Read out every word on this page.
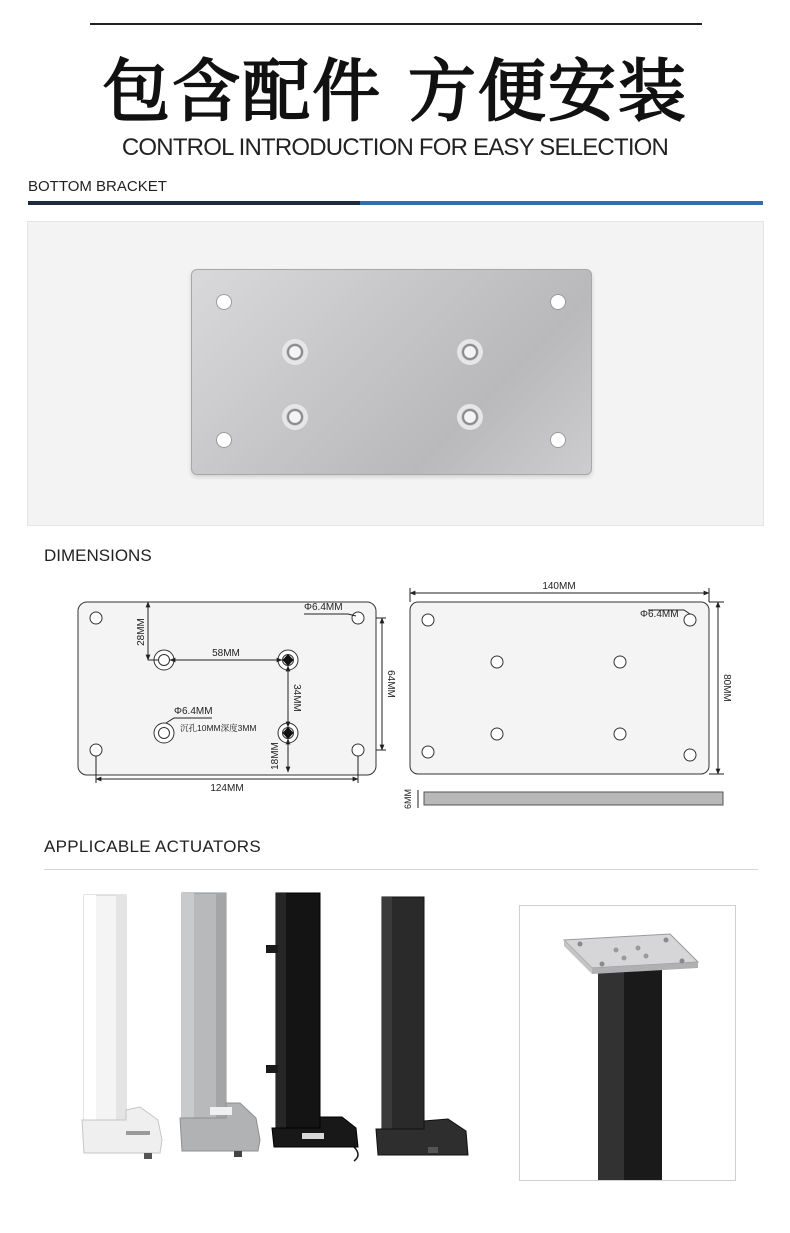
包含配件 方便安装
CONTROL INTRODUCTION FOR EASY SELECTION
BOTTOM BRACKET
DIMENSIONS
Φ6.4MM
28MM
58MM
34MM
18MM
64MM
Φ6.4MM
沉孔10MM深度3MM
124MM
140MM
Φ6.4MM
80MM
6MM
APPLICABLE ACTUATORS
